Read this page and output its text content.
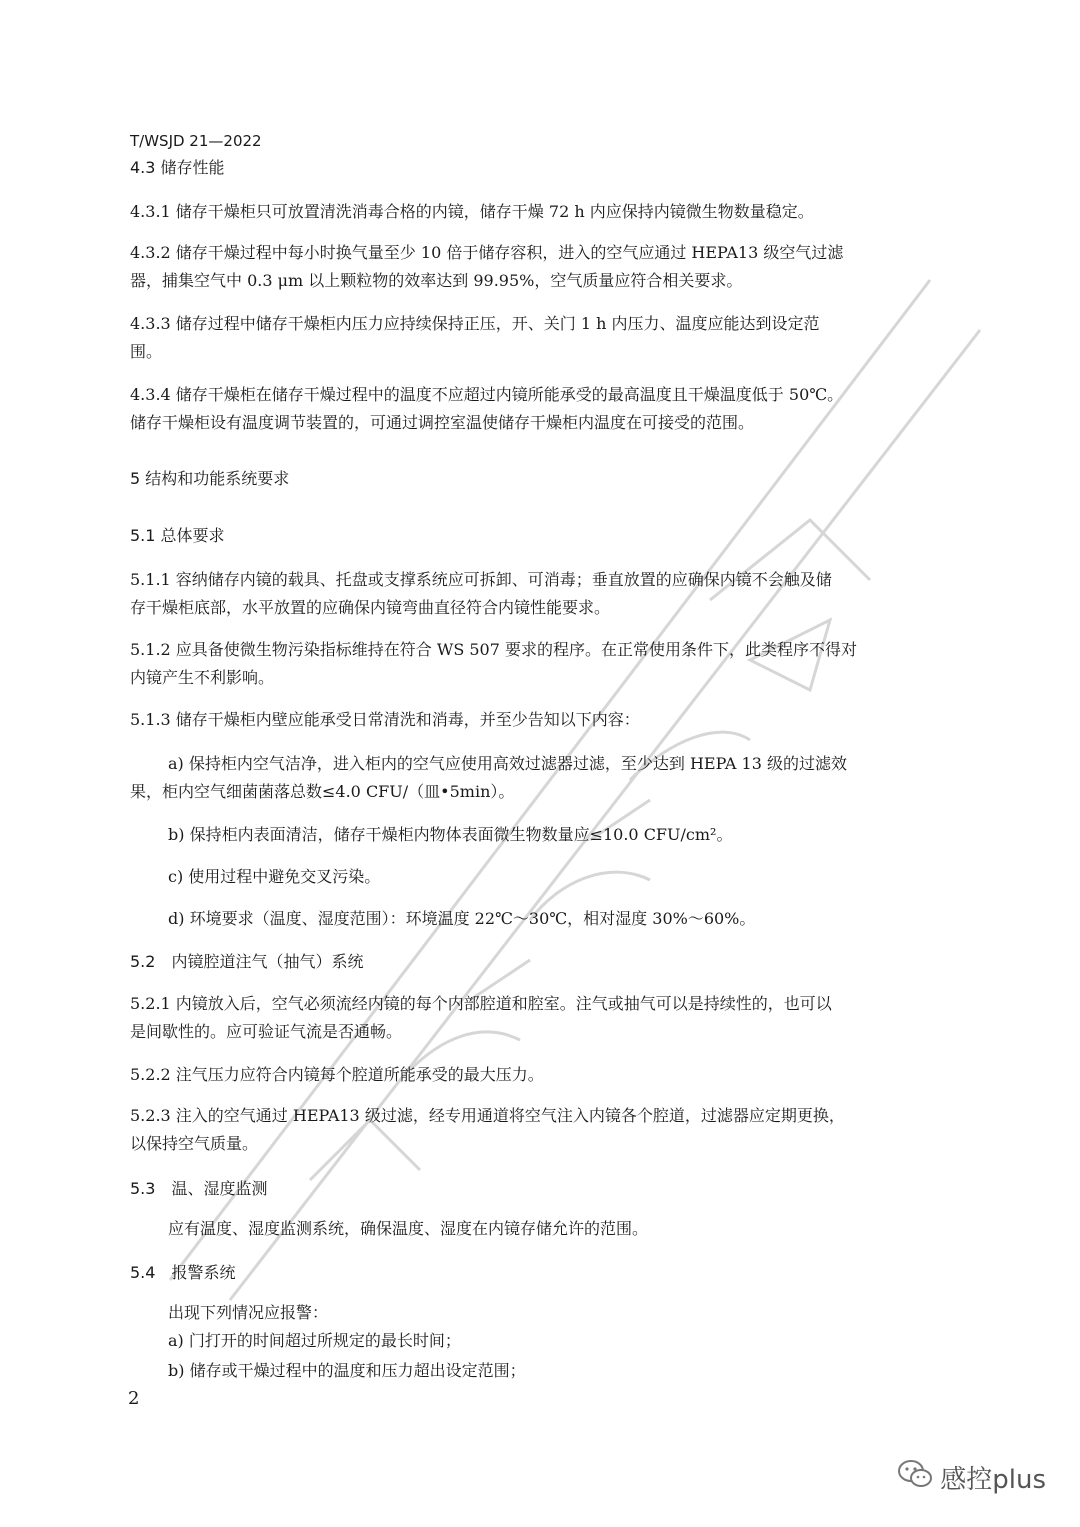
T/WSJD 21—2022
4.3 储存性能
4.3.1 储存干燥柜只可放置清洗消毒合格的内镜，储存干燥 72 h 内应保持内镜微生物数量稳定。
4.3.2 储存干燥过程中每小时换气量至少 10 倍于储存容积，进入的空气应通过 HEPA13 级空气过滤
器，捕集空气中 0.3 μm 以上颗粒物的效率达到 99.95%，空气质量应符合相关要求。
4.3.3 储存过程中储存干燥柜内压力应持续保持正压，开、关门 1 h 内压力、温度应能达到设定范
围。
4.3.4 储存干燥柜在储存干燥过程中的温度不应超过内镜所能承受的最高温度且干燥温度低于 50℃。
储存干燥柜设有温度调节装置的，可通过调控室温使储存干燥柜内温度在可接受的范围。
5 结构和功能系统要求
5.1 总体要求
5.1.1 容纳储存内镜的载具、托盘或支撑系统应可拆卸、可消毒；垂直放置的应确保内镜不会触及储
存干燥柜底部，水平放置的应确保内镜弯曲直径符合内镜性能要求。
5.1.2 应具备使微生物污染指标维持在符合 WS 507 要求的程序。在正常使用条件下，此类程序不得对
内镜产生不利影响。
5.1.3 储存干燥柜内壁应能承受日常清洗和消毒，并至少告知以下内容：
a) 保持柜内空气洁净，进入柜内的空气应使用高效过滤器过滤，至少达到 HEPA 13 级的过滤效
果，柜内空气细菌菌落总数≤4.0 CFU/（皿•5min）。
b) 保持柜内表面清洁，储存干燥柜内物体表面微生物数量应≤10.0 CFU/cm²。
c) 使用过程中避免交叉污染。
d) 环境要求（温度、湿度范围）：环境温度 22℃～30℃，相对湿度 30%～60%。
5.2　内镜腔道注气（抽气）系统
5.2.1 内镜放入后，空气必须流经内镜的每个内部腔道和腔室。注气或抽气可以是持续性的，也可以
是间歇性的。应可验证气流是否通畅。
5.2.2 注气压力应符合内镜每个腔道所能承受的最大压力。
5.2.3 注入的空气通过 HEPA13 级过滤，经专用通道将空气注入内镜各个腔道，过滤器应定期更换，
以保持空气质量。
5.3　温、湿度监测
应有温度、湿度监测系统，确保温度、湿度在内镜存储允许的范围。
5.4　报警系统
出现下列情况应报警：
a) 门打开的时间超过所规定的最长时间；
b) 储存或干燥过程中的温度和压力超出设定范围；
2
感控plus
